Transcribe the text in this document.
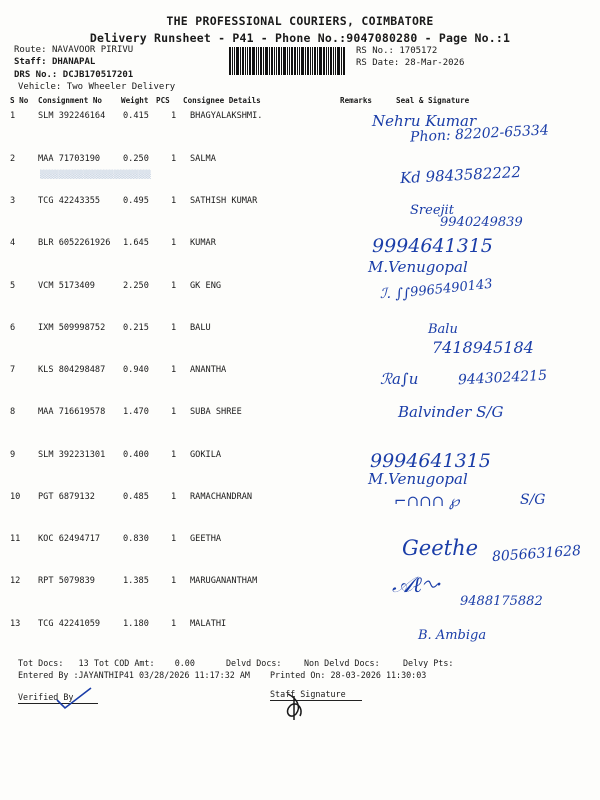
THE PROFESSIONAL COURIERS, COIMBATORE
Delivery Runsheet - P41 - Phone No.:9047080280 - Page No.:1
Route: NAVAVOOR PIRIVU
Staff: DHANAPAL
DRS No.: DCJB170517201
Vehicle: Two Wheeler Delivery
RS No.: 1705172
RS Date: 28-Mar-2026
S No Consignment No Weight PCS Consignee Details	Remarks	Seal & Signature
1	SLM 392246164 0.415	1 BHAGYALAKSHMI.
2	MAA 71703190	0.250	1 SALMA
3	TCG 42243355	0.495	1 SATHISH KUMAR
4	BLR 6052261926 1.645	1 KUMAR
5	VCM 5173409	2.250	1 GK ENG
6	IXM 509998752 0.215	1 BALU
7	KLS 804298487 0.940	1 ANANTHA
8	MAA 716619578 1.470	1 SUBA SHREE
9	SLM 392231301 0.400	1 GOKILA
10 PGT 6879132	0.485	1 RAMACHANDRAN
11 KOC 62494717	0.830	1 GEETHA
12 RPT 5079839	1.385	1 MARUGANANTHAM
13 TCG 42241059	1.180	1 MALATHI
▒▒▒▒▒▒▒▒▒▒▒▒▒▒▒▒▒▒
Nehru Kumar
Phon: 82202-65334
Kd 9843582222
Sreejit
9940249839
9994641315
M.Venugopal
ℐ. ∫∫ 9965490143
Balu
7418945184
ℛa∫u	9443024215
Balvinder S/G
9994641315
M.Venugopal
⌐∩∩∩ ℘	S/G
Geethe 8056631628
𝒜ℓ∿·
9488175882
B. Ambiga
Tot Docs: 13 Tot COD Amt: 0.00	Delvd Docs:	Non Delvd Docs:	Delvy Pts:
Entered By :JAYANTHIP41 03/28/2026 11:17:32 AM Printed On: 28-03-2026 11:30:03
Verified By	Staff Signature
